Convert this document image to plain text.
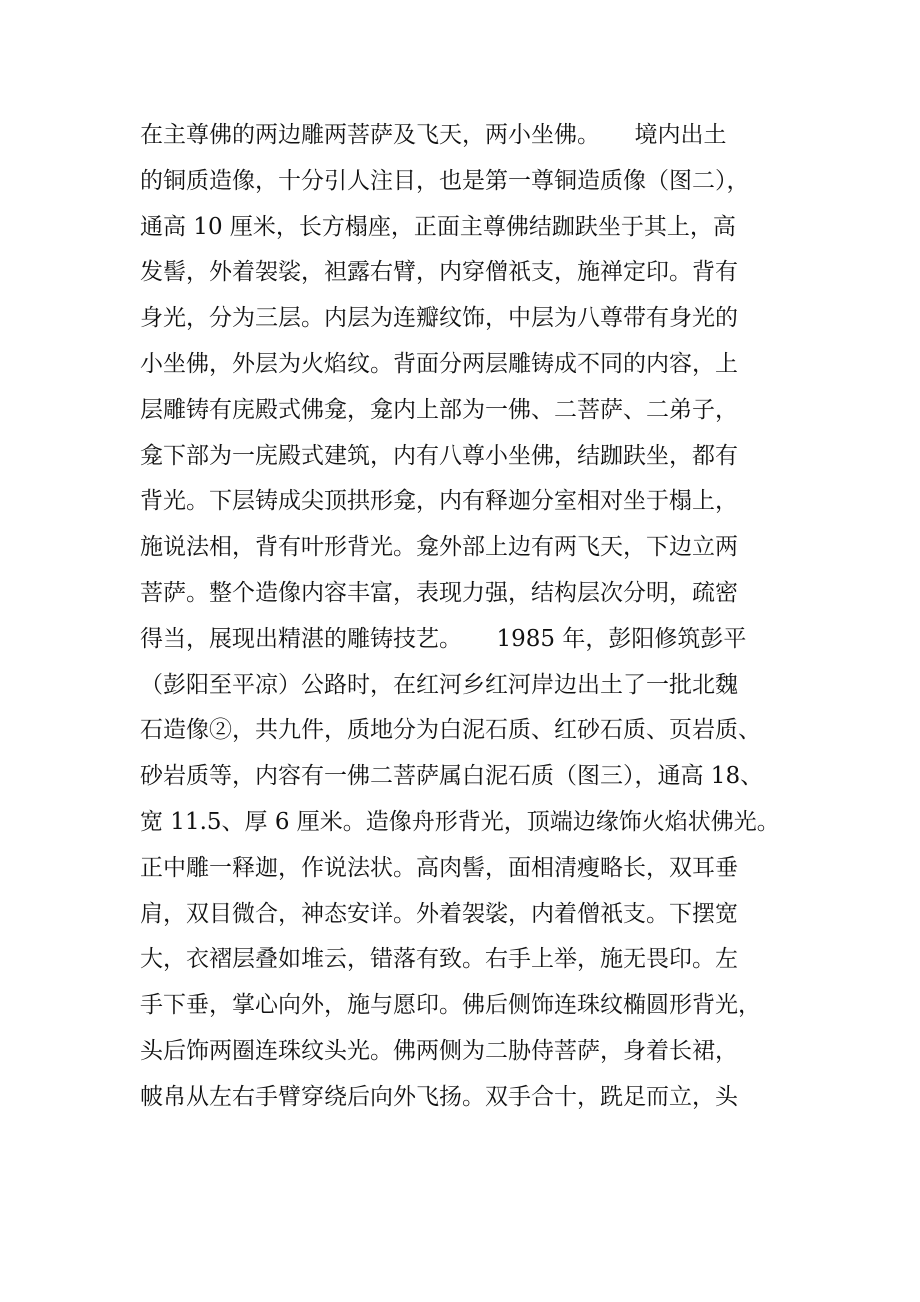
在主尊佛的两边雕两菩萨及飞天，两小坐佛。　　境内出土
的铜质造像，十分引人注目，也是第一尊铜造质像（图二），
通高 10 厘米，长方榻座，正面主尊佛结跏趺坐于其上，高
发髻，外着袈裟，袒露右臂，内穿僧祇支，施禅定印。背有
身光，分为三层。内层为连瓣纹饰，中层为八尊带有身光的
小坐佛，外层为火焰纹。背面分两层雕铸成不同的内容，上
层雕铸有庑殿式佛龛，龛内上部为一佛、二菩萨、二弟子，
龛下部为一庑殿式建筑，内有八尊小坐佛，结跏趺坐，都有
背光。下层铸成尖顶拱形龛，内有释迦分室相对坐于榻上，
施说法相，背有叶形背光。龛外部上边有两飞天，下边立两
菩萨。整个造像内容丰富，表现力强，结构层次分明，疏密
得当，展现出精湛的雕铸技艺。　　1985 年，彭阳修筑彭平
（彭阳至平凉）公路时，在红河乡红河岸边出土了一批北魏
石造像②，共九件，质地分为白泥石质、红砂石质、页岩质、
砂岩质等，内容有一佛二菩萨属白泥石质（图三），通高 18、
宽 11.5、厚 6 厘米。造像舟形背光，顶端边缘饰火焰状佛光。
正中雕一释迦，作说法状。高肉髻，面相清瘦略长，双耳垂
肩，双目微合，神态安详。外着袈裟，内着僧祇支。下摆宽
大，衣褶层叠如堆云，错落有致。右手上举，施无畏印。左
手下垂，掌心向外，施与愿印。佛后侧饰连珠纹椭圆形背光，
头后饰两圈连珠纹头光。佛两侧为二胁侍菩萨，身着长裙，
帔帛从左右手臂穿绕后向外飞扬。双手合十，跣足而立，头
